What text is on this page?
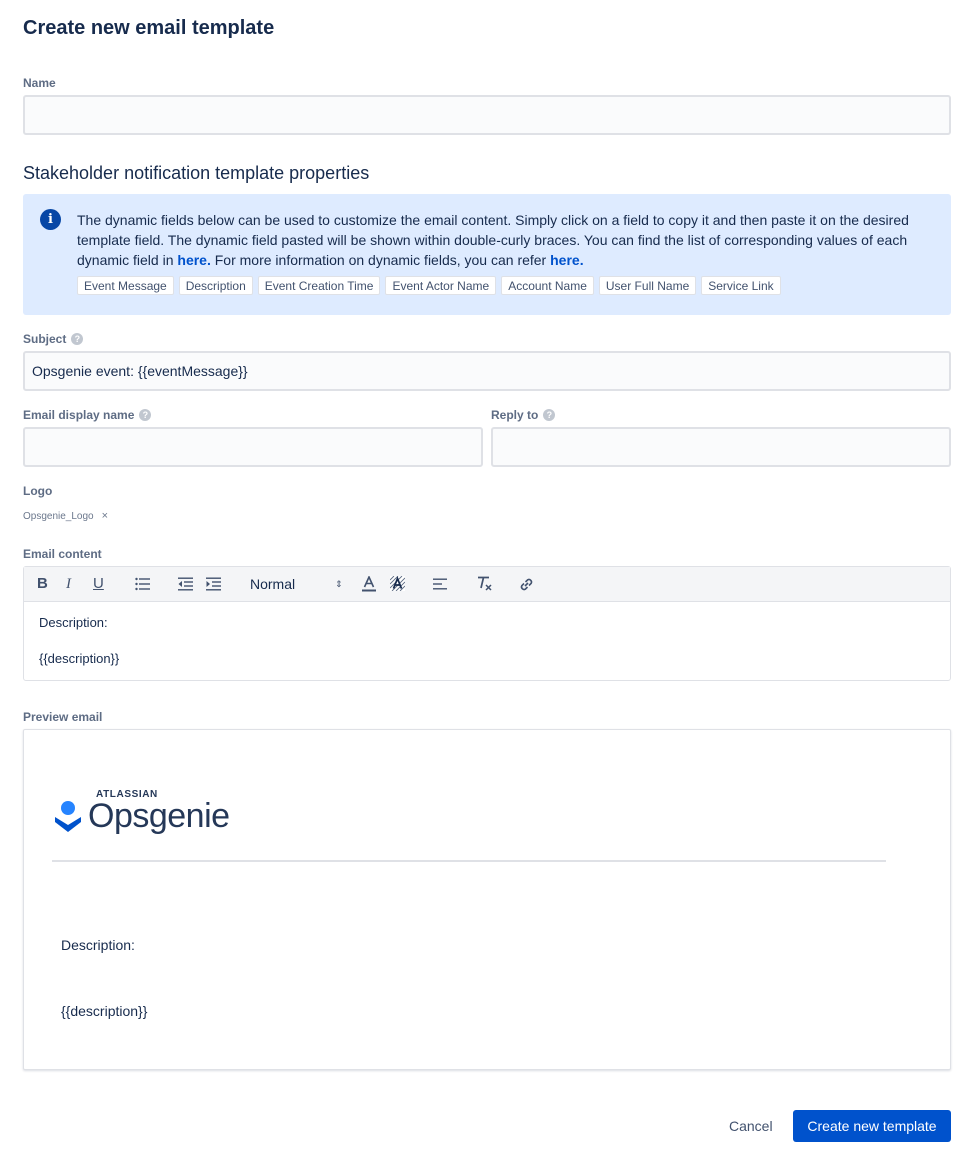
Create new email template
Name
Stakeholder notification template properties
i	The dynamic fields below can be used to customize the email content. Simply click on a field to copy it and then paste it on the desired template field. The dynamic field pasted will be shown within double-curly braces. You can find the list of corresponding values of each dynamic field in here. For more information on dynamic fields, you can refer here.
Event Message	Description	Event Creation Time	Event Actor Name	Account Name	User Full Name	Service Link
Subject ?
Opsgenie event: {{eventMessage}}
Email display name ?	Reply to ?
Logo
Opsgenie_Logo ×
Email content
B I U	Normal	⇕

Description:

{{description}}

Preview email
ATLASSIAN
Opsgenie
Description:
{{description}}
Cancel	Create new template
